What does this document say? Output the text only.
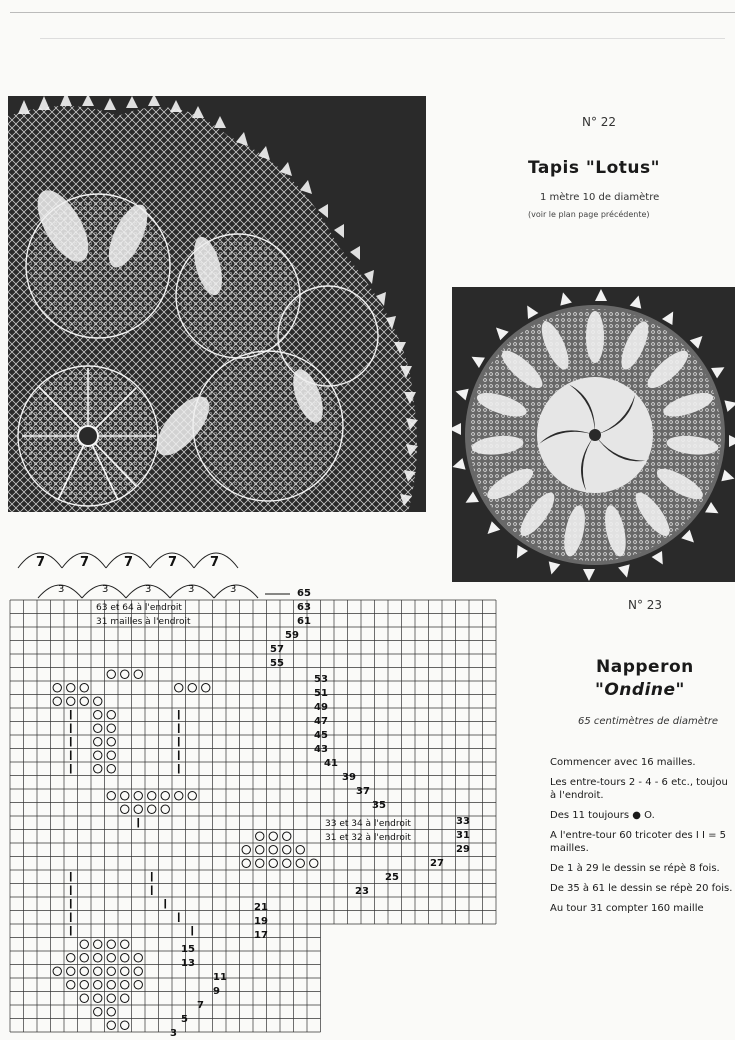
N° 22
Tapis "Lotus"
1 mètre 10 de diamètre
(voir le plan page précédente)
N° 23
Napperon
"Ondine"
65 centimètres de diamètre

Commencer avec 16 mailles.

Les entre-tours 2 - 4 - 6 etc., toujou à l'endroit.

Des 11 toujours ● O.

A l'entre-tour 60 tricoter des I I = 5 mailles.

De 1 à 29 le dessin se répè 8 fois.

De 35 à 61 le dessin se répè 20 fois.

Au tour 31 compter 160 maille

7	7	7	7	7
3	3	3	3	3
63 et 64 à l'endroit
31 mailles à l'endroit
33 et 34 à l'endroit
31 et 32 à l'endroit
65
63
61
59
57
55
53
51
49
47
45
43
41
39
37
35
33
31
29
27
25
23
21
19
17
15
13
11
9
7
5
3
